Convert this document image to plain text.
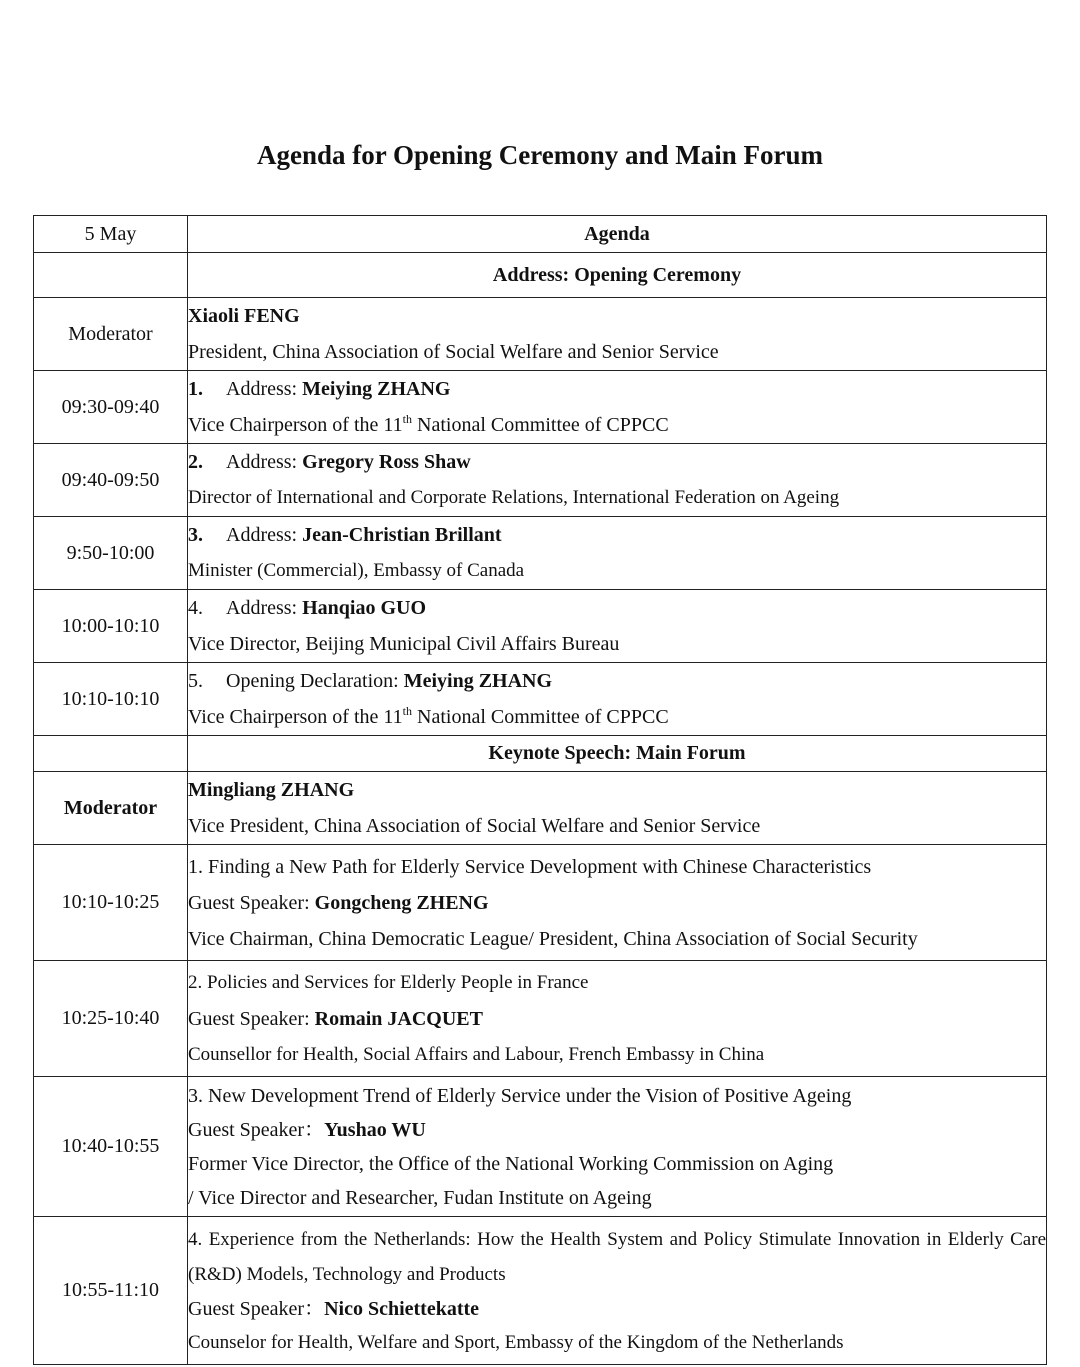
Agenda for Opening Ceremony and Main Forum
5 May	Agenda
	Address: Opening Ceremony
Moderator	Xiaoli FENG
President, China Association of Social Welfare and Senior Service

09:30-09:40	1. Address: Meiying ZHANG
Vice Chairperson of the 11th National Committee of CPPCC

09:40-09:50	2. Address: Gregory Ross Shaw
Director of International and Corporate Relations, International Federation on Ageing

9:50-10:00	3. Address: Jean-Christian Brillant
Minister (Commercial), Embassy of Canada

10:00-10:10	4. Address: Hanqiao GUO
Vice Director, Beijing Municipal Civil Affairs Bureau

10:10-10:10	5. Opening Declaration: Meiying ZHANG
Vice Chairperson of the 11th National Committee of CPPCC

	Keynote Speech: Main Forum
Moderator	Mingliang ZHANG
Vice President, China Association of Social Welfare and Senior Service

10:10-10:25	1. Finding a New Path for Elderly Service Development with Chinese Characteristics
Guest Speaker: Gongcheng ZHENG
Vice Chairman, China Democratic League/ President, China Association of Social Security

10:25-10:40	2. Policies and Services for Elderly People in France
Guest Speaker: Romain JACQUET
Counsellor for Health, Social Affairs and Labour, French Embassy in China

10:40-10:55	3. New Development Trend of Elderly Service under the Vision of Positive Ageing
Guest Speaker：Yushao WU
Former Vice Director, the Office of the National Working Commission on Aging
/ Vice Director and Researcher, Fudan Institute on Ageing

10:55-11:10	4. Experience from the Netherlands: How the Health System and Policy Stimulate Innovation in Elderly Care (R&D) Models, Technology and Products
Guest Speaker：Nico Schiettekatte
Counselor for Health, Welfare and Sport, Embassy of the Kingdom of the Netherlands
